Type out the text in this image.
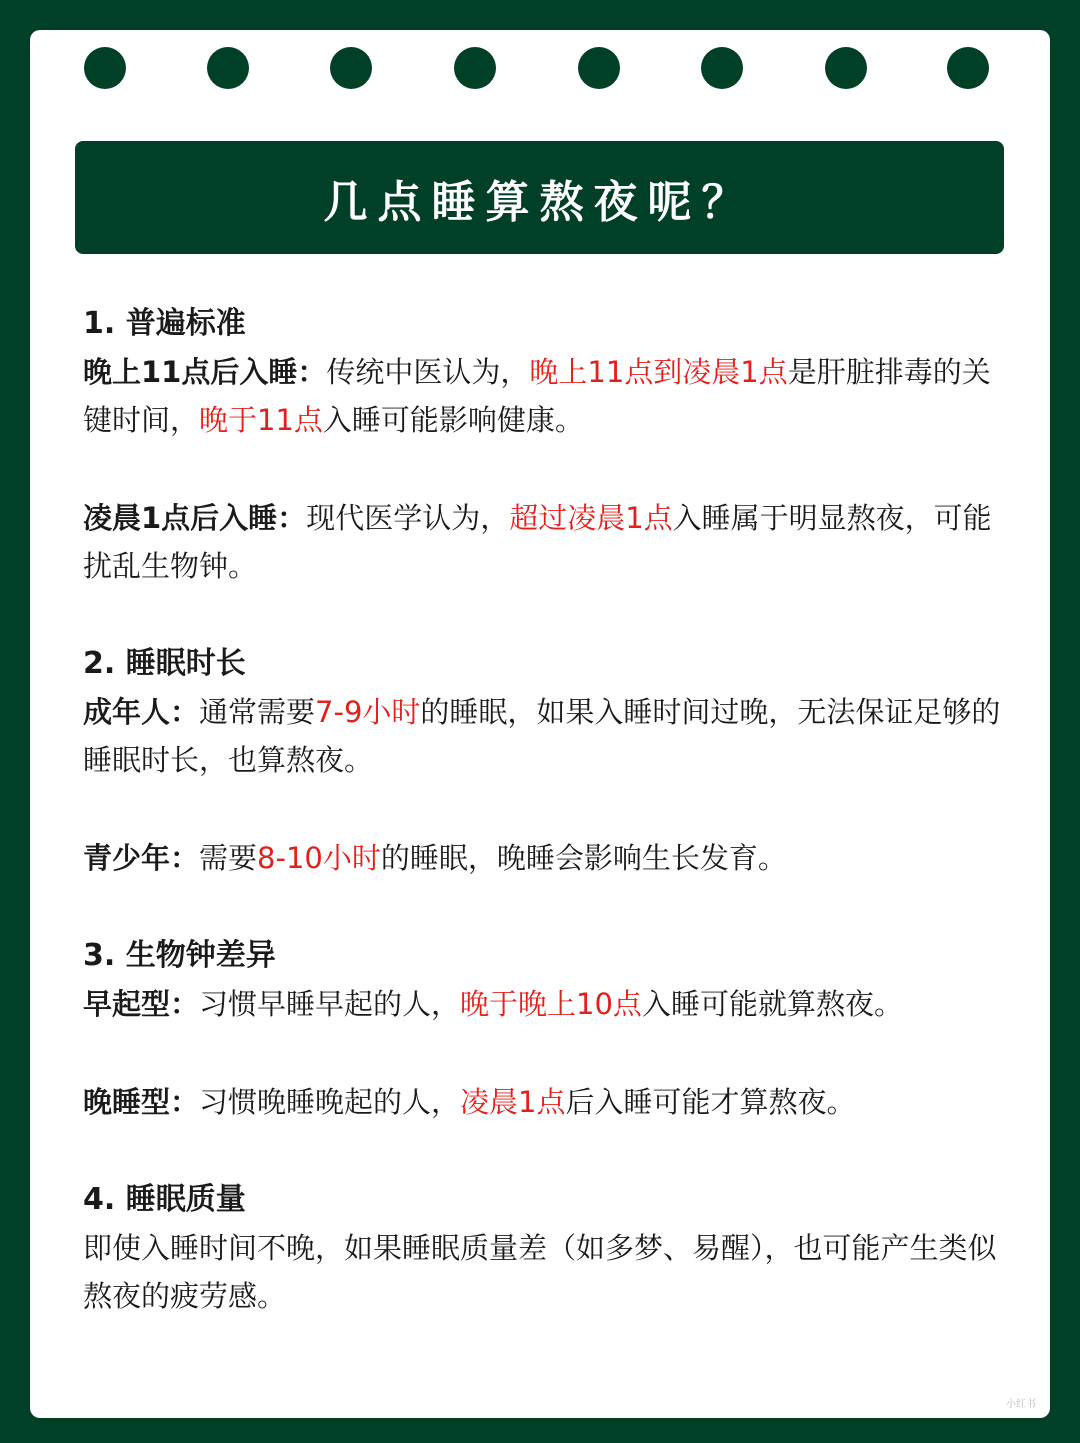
几点睡算熬夜呢？

1. 普遍标准

晚上11点后入睡：传统中医认为，晚上11点到凌晨1点是肝脏排毒的关键时间，晚于11点入睡可能影响健康。

凌晨1点后入睡：现代医学认为，超过凌晨1点入睡属于明显熬夜，可能扰乱生物钟。

2. 睡眠时长

成年人：通常需要7-9小时的睡眠，如果入睡时间过晚，无法保证足够的睡眠时长，也算熬夜。

青少年：需要8-10小时的睡眠，晚睡会影响生长发育。

3. 生物钟差异

早起型：习惯早睡早起的人，晚于晚上10点入睡可能就算熬夜。

晚睡型：习惯晚睡晚起的人，凌晨1点后入睡可能才算熬夜。

4. 睡眠质量

即使入睡时间不晚，如果睡眠质量差（如多梦、易醒），也可能产生类似熬夜的疲劳感。

小红书
